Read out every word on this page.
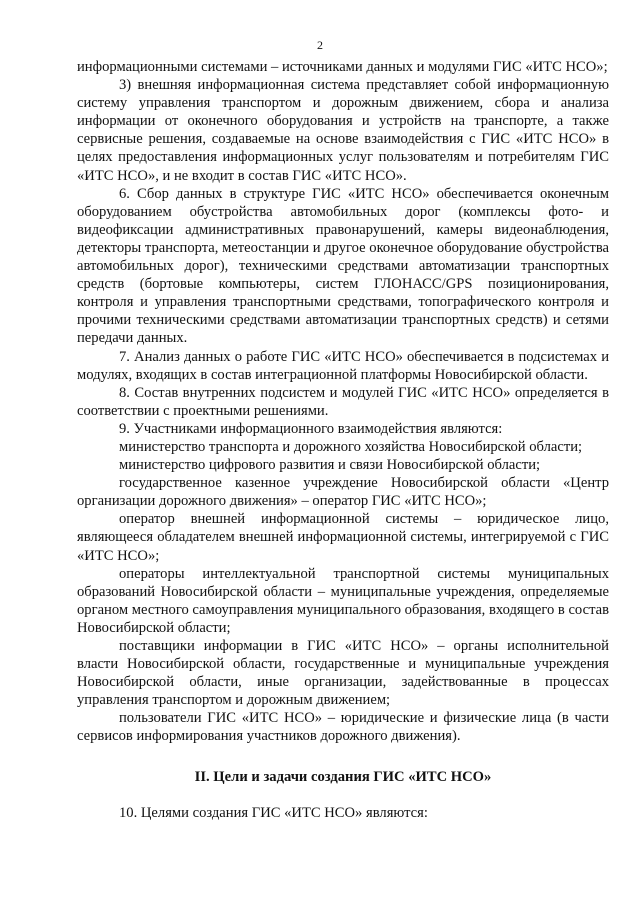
2

информационными системами – источниками данных и модулями ГИС «ИТС НСО»;

3) внешняя информационная система представляет собой информационную систему управления транспортом и дорожным движением, сбора и анализа информации от оконечного оборудования и устройств на транспорте, а также сервисные решения, создаваемые на основе взаимодействия с ГИС «ИТС НСО» в целях предоставления информационных услуг пользователям и потребителям ГИС «ИТС НСО», и не входит в состав ГИС «ИТС НСО».

6. Сбор данных в структуре ГИС «ИТС НСО» обеспечивается оконечным оборудованием обустройства автомобильных дорог (комплексы фото- и видеофиксации административных правонарушений, камеры видеонаблюдения, детекторы транспорта, метеостанции и другое оконечное оборудование обустройства автомобильных дорог), техническими средствами автоматизации транспортных средств (бортовые компьютеры, систем ГЛОНАСС/GPS позиционирования, контроля и управления транспортными средствами, топографического контроля и прочими техническими средствами автоматизации транспортных средств) и сетями передачи данных.

7. Анализ данных о работе ГИС «ИТС НСО» обеспечивается в подсистемах и модулях, входящих в состав интеграционной платформы Новосибирской области.

8. Состав внутренних подсистем и модулей ГИС «ИТС НСО» определяется в соответствии с проектными решениями.

9. Участниками информационного взаимодействия являются:

министерство транспорта и дорожного хозяйства Новосибирской области;

министерство цифрового развития и связи Новосибирской области;

государственное казенное учреждение Новосибирской области «Центр организации дорожного движения» – оператор ГИС «ИТС НСО»;

оператор внешней информационной системы – юридическое лицо, являющееся обладателем внешней информационной системы, интегрируемой с ГИС «ИТС НСО»;

операторы интеллектуальной транспортной системы муниципальных образований Новосибирской области – муниципальные учреждения, определяемые органом местного самоуправления муниципального образования, входящего в состав Новосибирской области;

поставщики информации в ГИС «ИТС НСО» – органы исполнительной власти Новосибирской области, государственные и муниципальные учреждения Новосибирской области, иные организации, задействованные в процессах управления транспортом и дорожным движением;

пользователи ГИС «ИТС НСО» – юридические и физические лица (в части сервисов информирования участников дорожного движения).

II. Цели и задачи создания ГИС «ИТС НСО»

10. Целями создания ГИС «ИТС НСО» являются:
